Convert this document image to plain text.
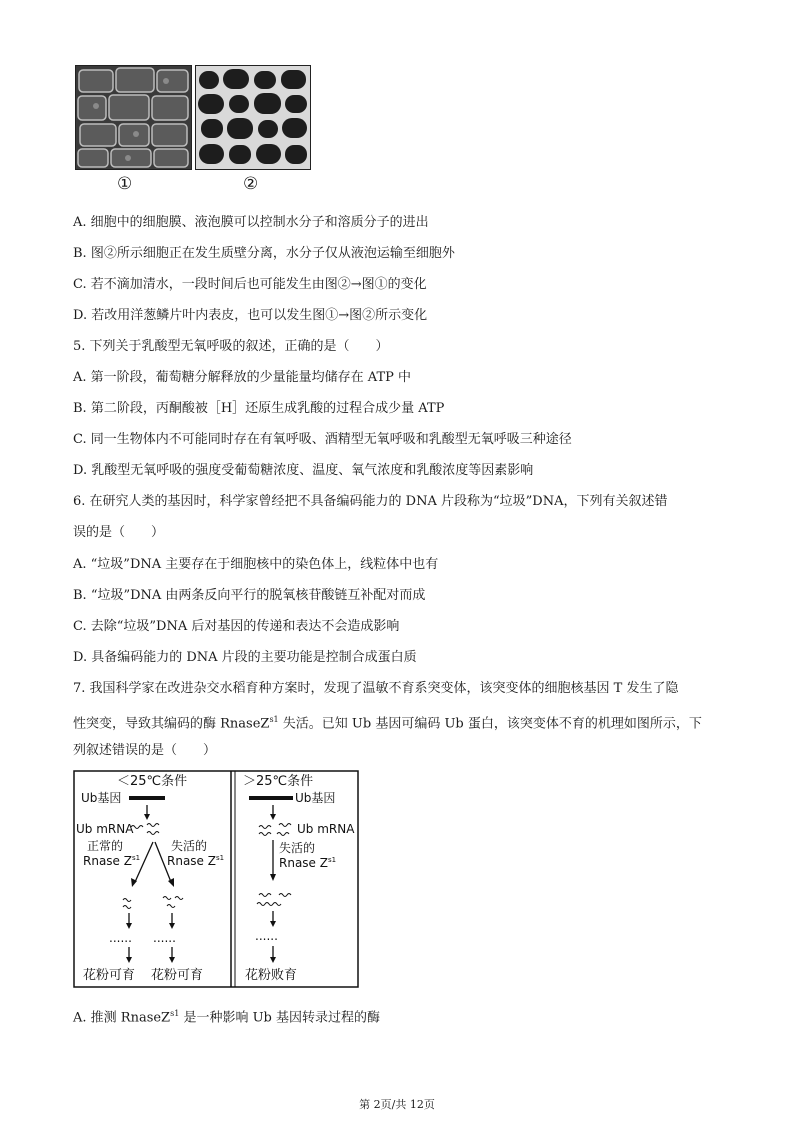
①	②
A. 细胞中的细胞膜、液泡膜可以控制水分子和溶质分子的进出
B. 图②所示细胞正在发生质壁分离，水分子仅从液泡运输至细胞外
C. 若不滴加清水，一段时间后也可能发生由图②→图①的变化
D. 若改用洋葱鳞片叶内表皮，也可以发生图①→图②所示变化
5. 下列关于乳酸型无氧呼吸的叙述，正确的是（　　）
A. 第一阶段，葡萄糖分解释放的少量能量均储存在 ATP 中
B. 第二阶段，丙酮酸被［H］还原生成乳酸的过程合成少量 ATP
C. 同一生物体内不可能同时存在有氧呼吸、酒精型无氧呼吸和乳酸型无氧呼吸三种途径
D. 乳酸型无氧呼吸的强度受葡萄糖浓度、温度、氧气浓度和乳酸浓度等因素影响
6. 在研究人类的基因时，科学家曾经把不具备编码能力的 DNA 片段称为“垃圾”DNA，下列有关叙述错
误的是（　　）
A. “垃圾”DNA 主要存在于细胞核中的染色体上，线粒体中也有
B. “垃圾”DNA 由两条反向平行的脱氧核苷酸链互补配对而成
C. 去除“垃圾”DNA 后对基因的传递和表达不会造成影响
D. 具备编码能力的 DNA 片段的主要功能是控制合成蛋白质
7. 我国科学家在改进杂交水稻育种方案时，发现了温敏不育系突变体，该突变体的细胞核基因 T 发生了隐
性突变，导致其编码的酶 RnaseZ$^{s1}$ 失活。已知 Ub 基因可编码 Ub 蛋白，该突变体不育的机理如图所示，下
列叙述错误的是（　　）
＜25℃条件
Ub基因
Ub mRNA
正常的
Rnase $Z^{s1}$
失活的
Rnase $Z^{s1}$
...... ......
花粉可育 花粉可育
＞25℃条件
Ub基因
Ub mRNA
失活的
Rnase $Z^{s1}$
......
花粉败育
A. 推测 RnaseZ$^{s1}$ 是一种影响 Ub 基因转录过程的酶
第 2页/共 12页
